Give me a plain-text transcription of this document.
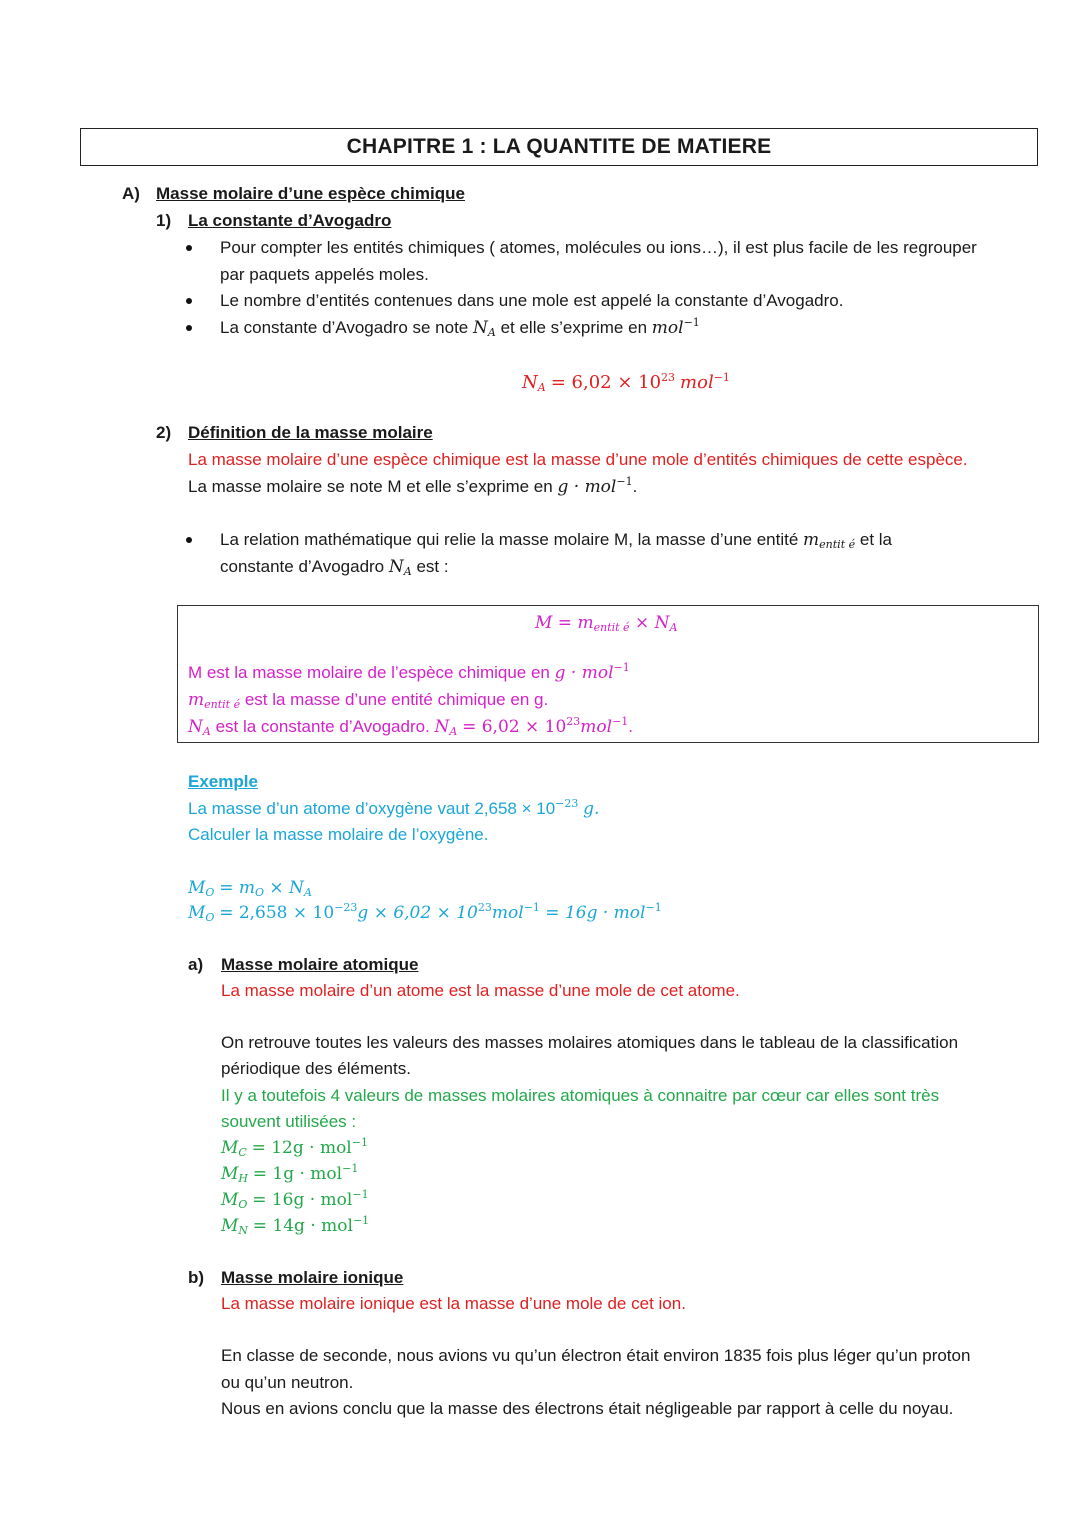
CHAPITRE 1 : LA QUANTITE DE MATIERE
A) Masse molaire d’une espèce chimique
1) La constante d’Avogadro
Pour compter les entités chimiques ( atomes, molécules ou ions…), il est plus facile de les regrouper
par paquets appelés moles.
Le nombre d’entités contenues dans une mole est appelé la constante d’Avogadro.
La constante d’Avogadro se note $N_A$ et elle s’exprime en mol$^{-1}$
$N_A = 6,02 \times 10^{23}$ mol$^{-1}$
2) Définition de la masse molaire
La masse molaire d’une espèce chimique est la masse d’une mole d’entités chimiques de cette espèce.
La masse molaire se note M et elle s’exprime en g · mol$^{-1}$.
La relation mathématique qui relie la masse molaire M, la masse d’une entité $m_{entit é}$ et la
constante d’Avogadro $N_A$ est :
$M = m_{entit é} \times N_A$
M est la masse molaire de l’espèce chimique en g · mol$^{-1}$
$m_{entit é}$ est la masse d’une entité chimique en g.
$N_A$ est la constante d’Avogadro. $N_A = 6,02 \times 10^{23}mol^{-1}$.
Exemple
La masse d’un atome d’oxygène vaut $2,658 \times 10^{-23}$ g.
Calculer la masse molaire de l’oxygène.
$M_O = m_O \times N_A$
$M_O = 2,658 \times 10^{-23}g \times 6,02 \times 10^{23}mol^{-1} = 16g \cdot mol^{-1}$
a) Masse molaire atomique
La masse molaire d’un atome est la masse d’une mole de cet atome.
On retrouve toutes les valeurs des masses molaires atomiques dans le tableau de la classification
périodique des éléments.
Il y a toutefois 4 valeurs de masses molaires atomiques à connaitre par cœur car elles sont très
souvent utilisées :
$M_C = 12g \cdot mol^{-1}$
$M_H = 1g \cdot mol^{-1}$
$M_O = 16g \cdot mol^{-1}$
$M_N = 14g \cdot mol^{-1}$
b) Masse molaire ionique
La masse molaire ionique est la masse d’une mole de cet ion.
En classe de seconde, nous avions vu qu’un électron était environ 1835 fois plus léger qu’un proton
ou qu’un neutron.
Nous en avions conclu que la masse des électrons était négligeable par rapport à celle du noyau.
